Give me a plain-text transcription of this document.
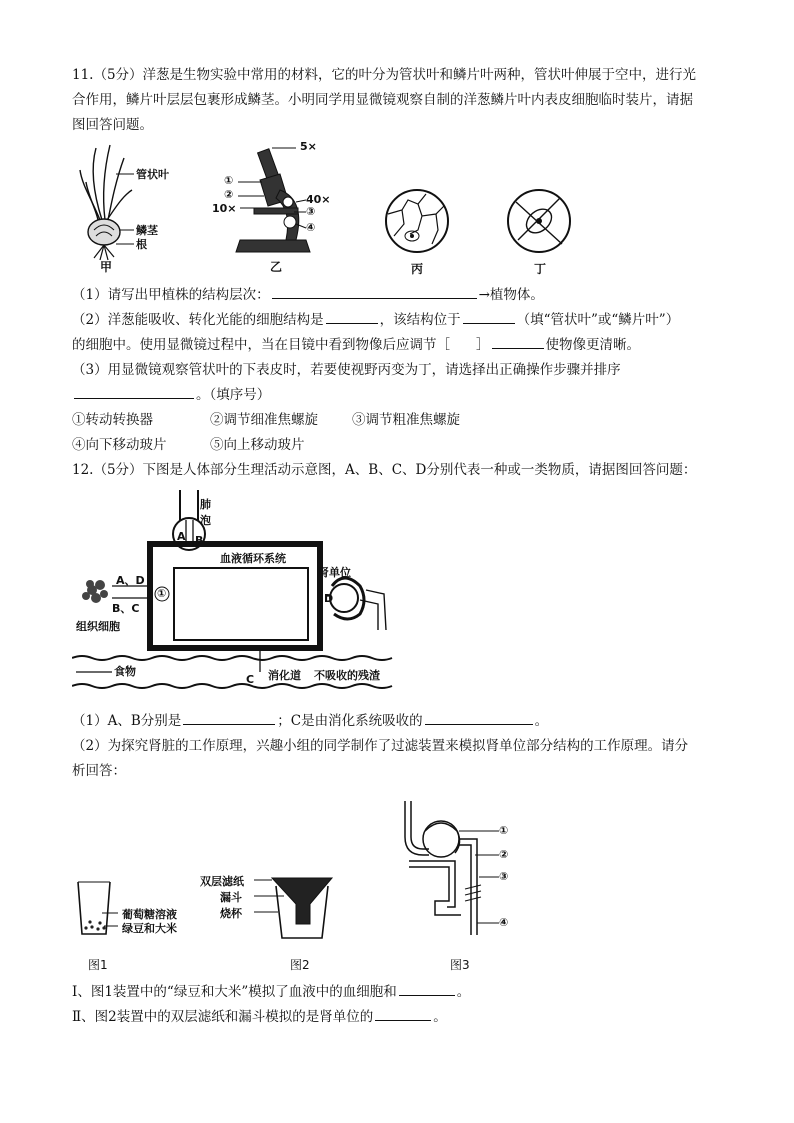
11.（5分）洋葱是生物实验中常用的材料，它的叶分为管状叶和鳞片叶两种，管状叶伸展于空中，进行光
合作用，鳞片叶层层包裹形成鳞茎。小明同学用显微镜观察自制的洋葱鳞片叶内表皮细胞临时装片，请据
图回答问题。
管状叶
鳞茎
根
甲
5×
①
②
10×
40×
③
④
乙	丙	丁
（1）请写出甲植株的结构层次：	→植物体。
（2）洋葱能吸收、转化光能的细胞结构是	，该结构位于	（填“管状叶”或“鳞片叶”）
的细胞中。使用显微镜过程中，当在目镜中看到物像后应调节［ ］	使物像更清晰。
（3）用显微镜观察管状叶的下表皮时，若要使视野丙变为丁，请选择出正确操作步骤并排序
。（填序号）
①转动转换器	②调节细准焦螺旋	③调节粗准焦螺旋
④向下移动玻片	⑤向上移动玻片
12.（5分）下图是人体部分生理活动示意图，A、B、C、D分别代表一种或一类物质，请据图回答问题：
肺
泡
A B
血液循环系统
肾单位
D
A、D
B、C
①
组织细胞
食物
C 消化道 不吸收的残渣
（1）A、B分别是	；C是由消化系统吸收的	。
（2）为探究肾脏的工作原理，兴趣小组的同学制作了过滤装置来模拟肾单位部分结构的工作原理。请分
析回答：
葡萄糖溶液
绿豆和大米
图1
双层滤纸
漏斗
烧杯
图2
①
②
③
④
图3
Ⅰ、图1装置中的“绿豆和大米”模拟了血液中的血细胞和	。
Ⅱ、图2装置中的双层滤纸和漏斗模拟的是肾单位的	。
